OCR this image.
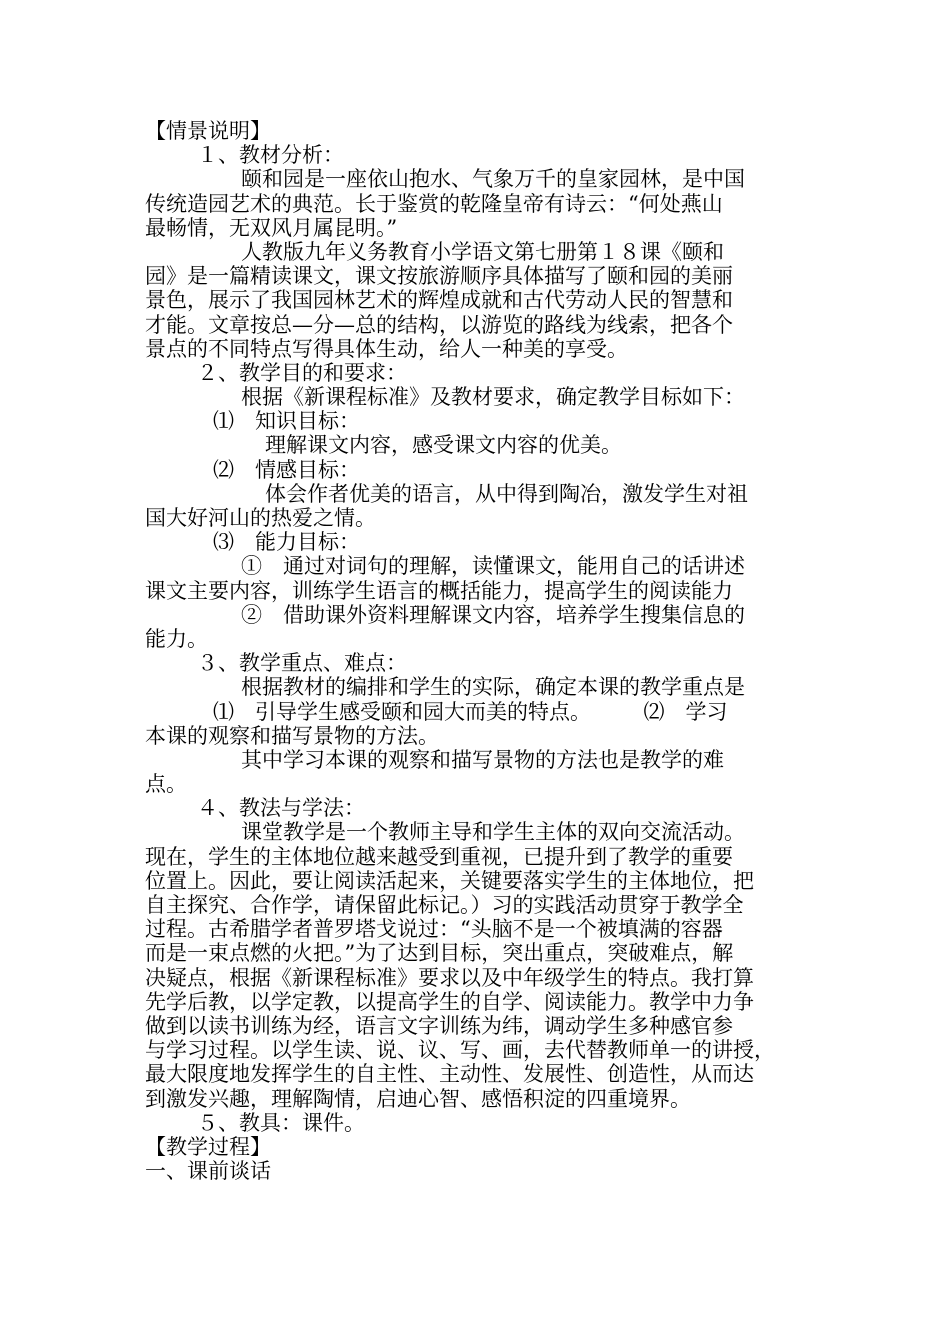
【情景说明】
１、教材分析：
颐和园是一座依山抱水、气象万千的皇家园林，是中国
传统造园艺术的典范。长于鉴赏的乾隆皇帝有诗云：“何处燕山
最畅情，无双风月属昆明。”
人教版九年义务教育小学语文第七册第１８课《颐和
园》是一篇精读课文，课文按旅游顺序具体描写了颐和园的美丽
景色，展示了我国园林艺术的辉煌成就和古代劳动人民的智慧和
才能。文章按总—分—总的结构，以游览的路线为线索，把各个
景点的不同特点写得具体生动，给人一种美的享受。
２、教学目的和要求：
根据《新课程标准》及教材要求，确定教学目标如下：
⑴　知识目标：
理解课文内容，感受课文内容的优美。
⑵　情感目标：
体会作者优美的语言，从中得到陶冶，激发学生对祖
国大好河山的热爱之情。
⑶　能力目标：
①　通过对词句的理解，读懂课文，能用自己的话讲述
课文主要内容，训练学生语言的概括能力，提高学生的阅读能力
②　借助课外资料理解课文内容，培养学生搜集信息的
能力。
３、教学重点、难点：
根据教材的编排和学生的实际，确定本课的教学重点是
⑴　引导学生感受颐和园大而美的特点。　　　⑵　学习
本课的观察和描写景物的方法。
其中学习本课的观察和描写景物的方法也是教学的难
点。
４、教法与学法：
课堂教学是一个教师主导和学生主体的双向交流活动。
现在，学生的主体地位越来越受到重视，已提升到了教学的重要
位置上。因此，要让阅读活起来，关键要落实学生的主体地位，把
自主探究、合作学，请保留此标记。）习的实践活动贯穿于教学全
过程。古希腊学者普罗塔戈说过：“头脑不是一个被填满的容器
而是一束点燃的火把。”为了达到目标，突出重点，突破难点，解
决疑点，根据《新课程标准》要求以及中年级学生的特点。我打算
先学后教，以学定教，以提高学生的自学、阅读能力。教学中力争
做到以读书训练为经，语言文字训练为纬，调动学生多种感官参
与学习过程。以学生读、说、议、写、画，去代替教师单一的讲授，
最大限度地发挥学生的自主性、主动性、发展性、创造性，从而达
到激发兴趣，理解陶情，启迪心智、感悟积淀的四重境界。
５、教具：课件。
【教学过程】
一、课前谈话
